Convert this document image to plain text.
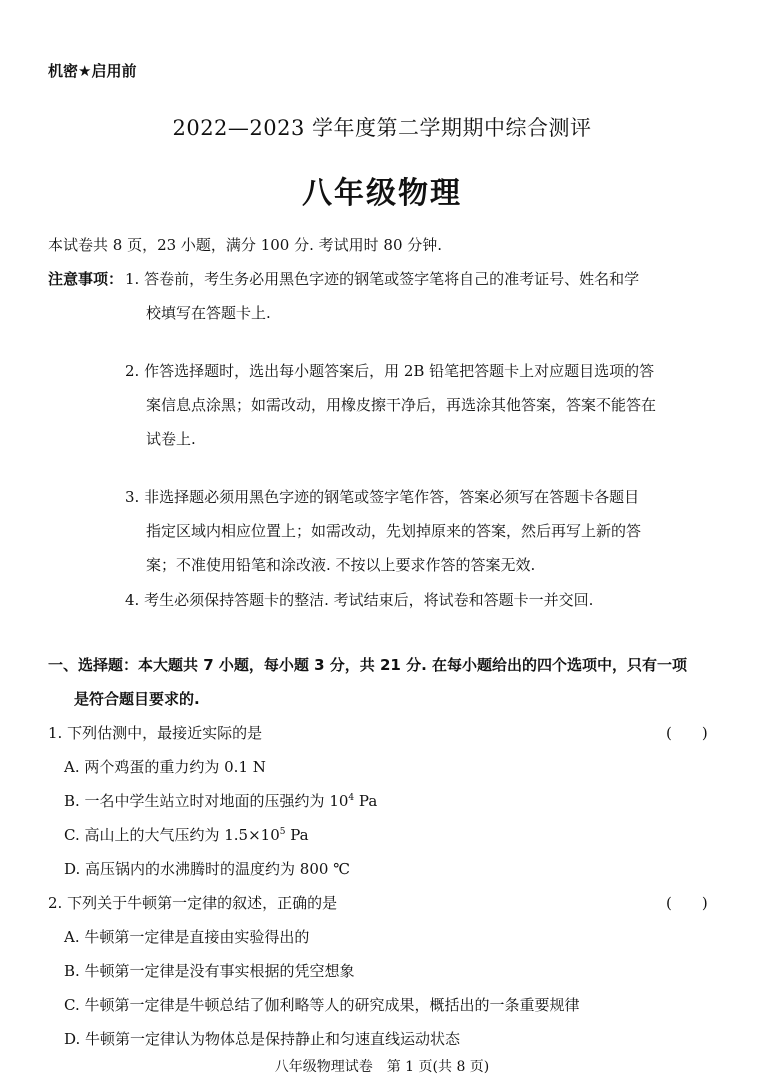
机密★启用前
2022—2023 学年度第二学期期中综合测评
八年级物理
本试卷共 8 页，23 小题，满分 100 分. 考试用时 80 分钟.
注意事项： 1. 答卷前，考生务必用黑色字迹的钢笔或签字笔将自己的准考证号、姓名和学
校填写在答题卡上.
2. 作答选择题时，选出每小题答案后，用 2B 铅笔把答题卡上对应题目选项的答
案信息点涂黑；如需改动，用橡皮擦干净后，再选涂其他答案，答案不能答在
试卷上.
3. 非选择题必须用黑色字迹的钢笔或签字笔作答，答案必须写在答题卡各题目
指定区域内相应位置上；如需改动，先划掉原来的答案，然后再写上新的答
案；不准使用铅笔和涂改液. 不按以上要求作答的答案无效.
4. 考生必须保持答题卡的整洁. 考试结束后，将试卷和答题卡一并交回.
一、选择题：本大题共 7 小题，每小题 3 分，共 21 分. 在每小题给出的四个选项中，只有一项
是符合题目要求的.
1. 下列估测中，最接近实际的是	(　　)
A. 两个鸡蛋的重力约为 0.1 N
B. 一名中学生站立时对地面的压强约为 $10^4$ Pa
C. 高山上的大气压约为 $1.5\times 10^5$ Pa
D. 高压锅内的水沸腾时的温度约为 800 ℃
2. 下列关于牛顿第一定律的叙述，正确的是	(　　)
A. 牛顿第一定律是直接由实验得出的
B. 牛顿第一定律是没有事实根据的凭空想象
C. 牛顿第一定律是牛顿总结了伽利略等人的研究成果，概括出的一条重要规律
D. 牛顿第一定律认为物体总是保持静止和匀速直线运动状态
八年级物理试卷　第 1 页(共 8 页)
